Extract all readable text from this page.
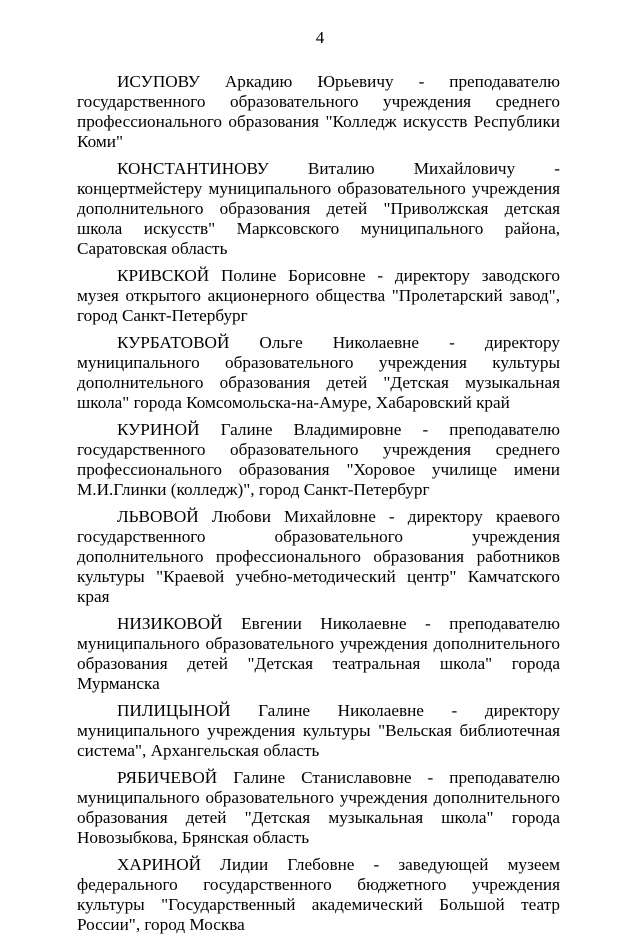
4

ИСУПОВУ Аркадию Юрьевичу - преподавателю государственного образовательного учреждения среднего профессионального образования "Колледж искусств Республики Коми"

КОНСТАНТИНОВУ Виталию Михайловичу - концертмейстеру муниципального образовательного учреждения дополнительного образования детей "Приволжская детская школа искусств" Марксовского муниципального района, Саратовская область

КРИВСКОЙ Полине Борисовне - директору заводского музея открытого акционерного общества "Пролетарский завод", город Санкт-Петербург

КУРБАТОВОЙ Ольге Николаевне - директору муниципального образовательного учреждения культуры дополнительного образования детей "Детская музыкальная школа" города Комсомольска-на-Амуре, Хабаровский край

КУРИНОЙ Галине Владимировне - преподавателю государственного образовательного учреждения среднего профессионального образования "Хоровое училище имени М.И.Глинки (колледж)", город Санкт-Петербург

ЛЬВОВОЙ Любови Михайловне - директору краевого государственного образовательного учреждения дополнительного профессионального образования работников культуры "Краевой учебно-методический центр" Камчатского края

НИЗИКОВОЙ Евгении Николаевне - преподавателю муниципального образовательного учреждения дополнительного образования детей "Детская театральная школа" города Мурманска

ПИЛИЦЫНОЙ Галине Николаевне - директору муниципального учреждения культуры "Вельская библиотечная система", Архангельская область

РЯБИЧЕВОЙ Галине Станиславовне - преподавателю муниципального образовательного учреждения дополнительного образования детей "Детская музыкальная школа" города Новозыбкова, Брянская область

ХАРИНОЙ Лидии Глебовне - заведующей музеем федерального государственного бюджетного учреждения культуры "Государственный академический Большой театр России", город Москва
